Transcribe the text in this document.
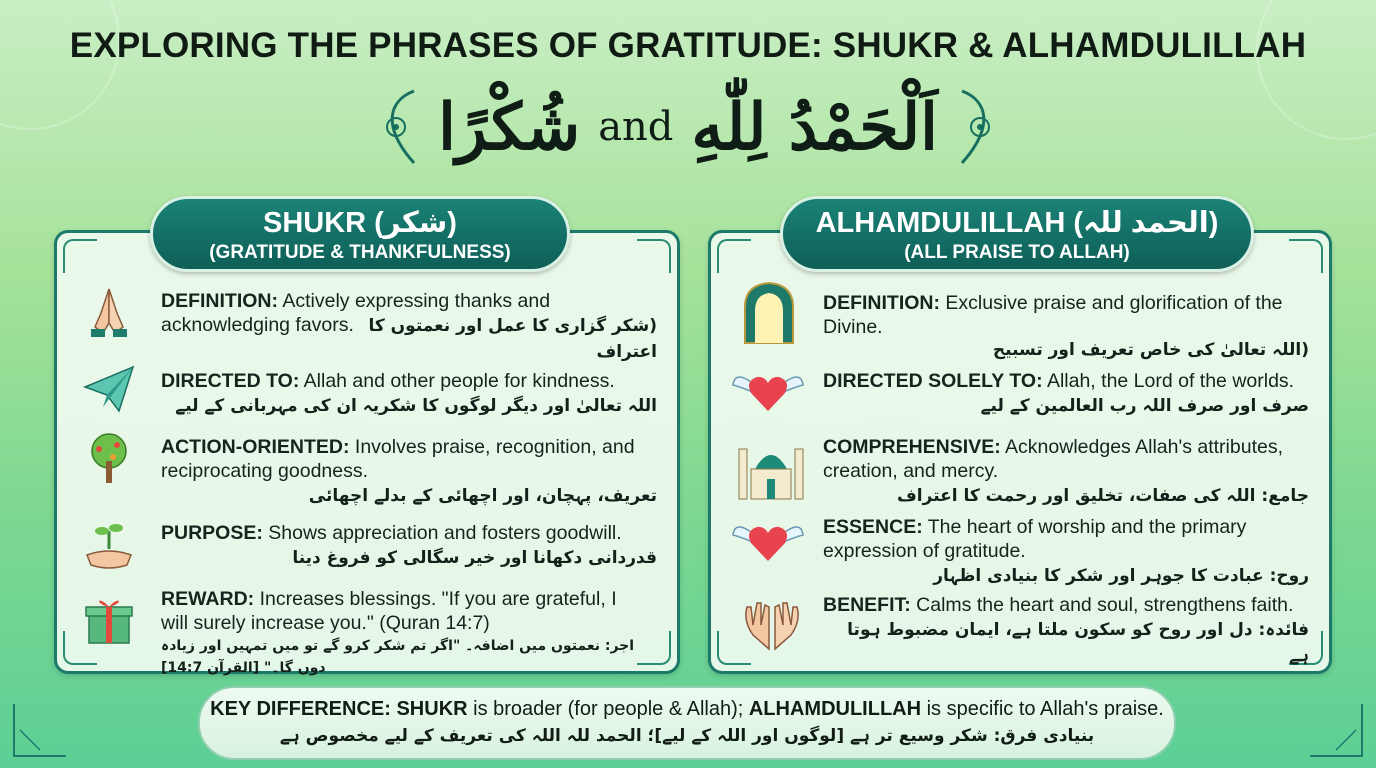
EXPLORING THE PHRASES OF GRATITUDE: SHUKR & ALHAMDULILLAH
شُكْرًا and اَلْحَمْدُ لِلّٰهِ
DEFINITION: Actively expressing thanks and acknowledging favors. (شکر گزاری کا عمل اور نعمتوں کا اعتراف
DIRECTED TO: Allah and other people for kindness.
اللہ تعالیٰ اور دیگر لوگوں کا شکریہ ان کی مہربانی کے لیے
ACTION-ORIENTED: Involves praise, recognition, and reciprocating goodness.
تعریف، پہچان، اور اچھائی کے بدلے اچھائی
PURPOSE: Shows appreciation and fosters goodwill.
قدردانی دکھانا اور خیر سگالی کو فروغ دینا
REWARD: Increases blessings. "If you are grateful, I will surely increase you." (Quran 14:7)
اجر: نعمتوں میں اضافہ۔ "اگر تم شکر کرو گے تو میں تمہیں اور زیادہ دوں گا۔" [القرآن 14:7]
DEFINITION: Exclusive praise and glorification of the Divine.
(اللہ تعالیٰ کی خاص تعریف اور تسبیح
DIRECTED SOLELY TO: Allah, the Lord of the worlds.
صرف اور صرف اللہ رب العالمین کے لیے
COMPREHENSIVE: Acknowledges Allah's attributes, creation, and mercy.
جامع: اللہ کی صفات، تخلیق اور رحمت کا اعتراف
ESSENCE: The heart of worship and the primary expression of gratitude.
روح: عبادت کا جوہر اور شکر کا بنیادی اظہار
BENEFIT: Calms the heart and soul, strengthens faith.
فائدہ: دل اور روح کو سکون ملتا ہے، ایمان مضبوط ہوتا ہے
SHUKR (شکر)
(GRATITUDE & THANKFULNESS)
ALHAMDULILLAH (الحمد للہ)
(ALL PRAISE TO ALLAH)
KEY DIFFERENCE: SHUKR is broader (for people & Allah); ALHAMDULILLAH is specific to Allah's praise.
بنیادی فرق: شکر وسیع تر ہے [لوگوں اور اللہ کے لیے]؛ الحمد للہ اللہ کی تعریف کے لیے مخصوص ہے
